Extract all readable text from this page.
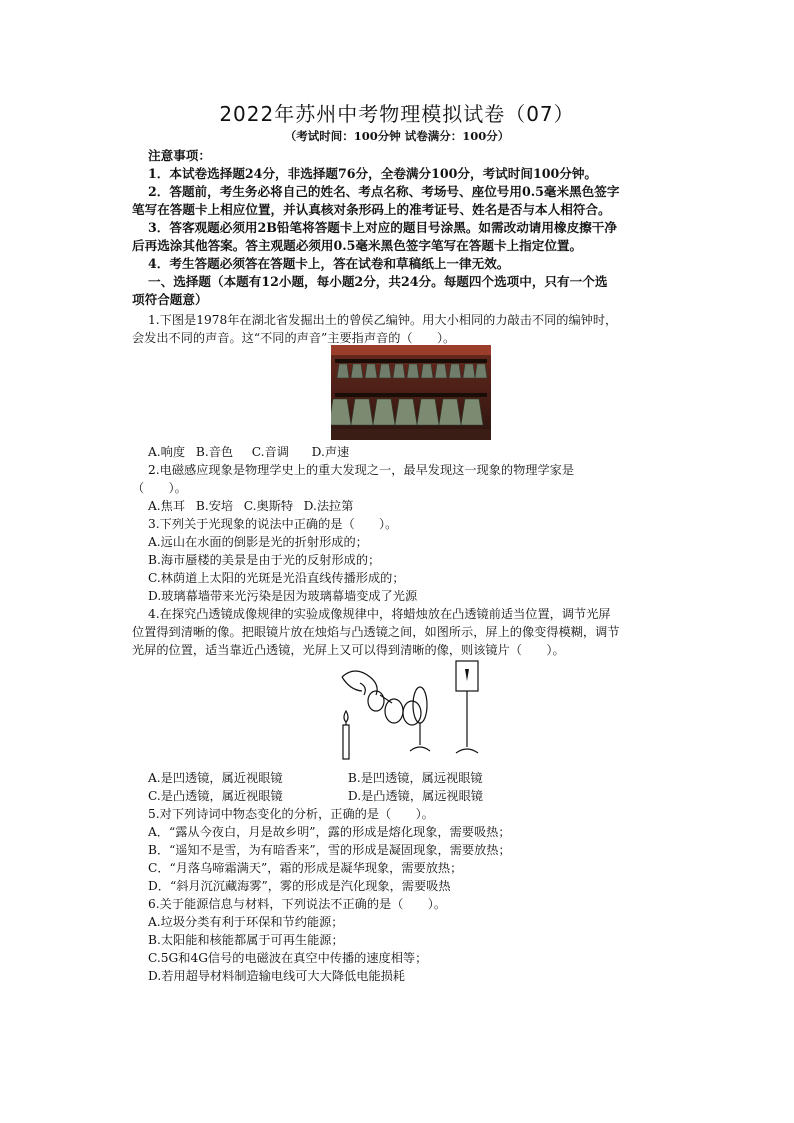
2022年苏州中考物理模拟试卷（07）
（考试时间：100分钟 试卷满分：100分）
注意事项：
1．本试卷选择题24分，非选择题76分，全卷满分100分，考试时间100分钟。
2．答题前，考生务必将自己的姓名、考点名称、考场号、座位号用0.5毫米黑色签字
笔写在答题卡上相应位置，并认真核对条形码上的准考证号、姓名是否与本人相符合。
3．答客观题必须用2B铅笔将答题卡上对应的题目号涂黑。如需改动请用橡皮擦干净
后再选涂其他答案。答主观题必须用0.5毫米黑色签字笔写在答题卡上指定位置。
4．考生答题必须答在答题卡上，答在试卷和草稿纸上一律无效。
一、选择题（本题有12小题，每小题2分，共24分。每题四个选项中，只有一个选
项符合题意）
1.下图是1978年在湖北省发掘出土的曾侯乙编钟。用大小相同的力敲击不同的编钟时，
会发出不同的声音。这“不同的声音”主要指声音的（　　）。
A.响度 B.音色 C.音调 D.声速
2.电磁感应现象是物理学史上的重大发现之一，最早发现这一现象的物理学家是
（　　）。
A.焦耳 B.安培 C.奥斯特 D.法拉第
3.下列关于光现象的说法中正确的是（　　）。
A.远山在水面的倒影是光的折射形成的；
B.海市蜃楼的美景是由于光的反射形成的；
C.林荫道上太阳的光斑是光沿直线传播形成的；
D.玻璃幕墙带来光污染是因为玻璃幕墙变成了光源
4.在探究凸透镜成像规律的实验成像规律中，将蜡烛放在凸透镜前适当位置，调节光屏
位置得到清晰的像。把眼镜片放在烛焰与凸透镜之间，如图所示，屏上的像变得模糊，调节
光屏的位置，适当靠近凸透镜，光屏上又可以得到清晰的像，则该镜片（　　）。
A.是凹透镜，属近视眼镜	B.是凹透镜，属远视眼镜
C.是凸透镜，属近视眼镜	D.是凸透镜，属远视眼镜
5.对下列诗词中物态变化的分析，正确的是（　　）。
A．“露从今夜白，月是故乡明”，露的形成是熔化现象，需要吸热；
B．“遥知不是雪，为有暗香来”，雪的形成是凝固现象，需要放热；
C．“月落乌啼霜满天”，霜的形成是凝华现象，需要放热；
D．“斜月沉沉藏海雾”，雾的形成是汽化现象，需要吸热
6.关于能源信息与材料，下列说法不正确的是（　　）。
A.垃圾分类有利于环保和节约能源；
B.太阳能和核能都属于可再生能源；
C.5G和4G信号的电磁波在真空中传播的速度相等；
D.若用超导材料制造输电线可大大降低电能损耗
